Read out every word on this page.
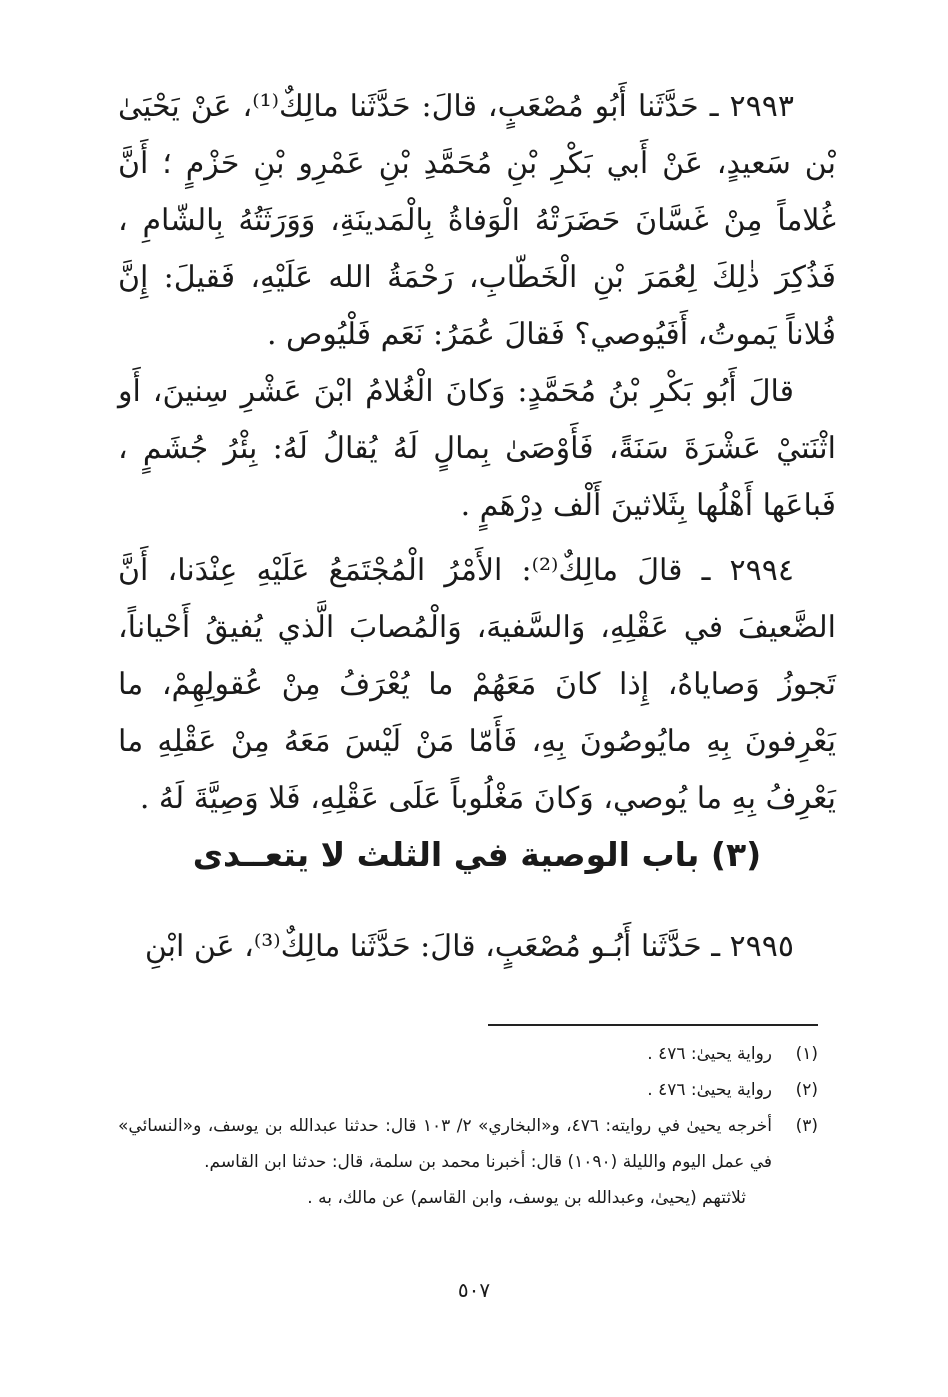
٢٩٩٣ ـ حَدَّثَنا أَبُو مُصْعَبٍ، قالَ: حَدَّثَنا مالِكٌ⁽¹⁾، عَنْ يَحْيَىٰ بْن سَعيدٍ، عَنْ أَبي بَكْرِ بْنِ مُحَمَّدِ بْنِ عَمْرِو بْنِ حَزْمٍ ؛ أَنَّ غُلاماً مِنْ غَسَّانَ حَضَرَتْهُ الْوَفاةُ بِالْمَدينَةِ، وَوَرَثَتُهُ بِالشّامِ ، فَذُكِرَ ذٰلِكَ لِعُمَرَ بْنِ الْخَطّابِ، رَحْمَةُ الله عَلَيْهِ، فَقيلَ: إِنَّ فُلاناً يَموتُ، أَفَيُوصي؟ فَقالَ عُمَرُ: نَعَم فَلْيُوص .

قالَ أَبُو بَكْرِ بْنُ مُحَمَّدٍ: وَكانَ الْغُلامُ ابْنَ عَشْرِ سِنينَ، أَو اثْنَتيْ عَشْرَةَ سَنَةً، فَأَوْصَىٰ بِمالٍ لَهُ يُقالُ لَهُ: بِئْرُ جُشَمٍ ، فَباعَها أَهْلُها بِثَلاثينَ أَلْف دِرْهَمٍ .

٢٩٩٤ ـ قالَ مالِكٌ⁽²⁾: الأَمْرُ الْمُجْتَمَعُ عَلَيْهِ عِنْدَنا، أَنَّ الضَّعيفَ في عَقْلِهِ، وَالسَّفيهَ، وَالْمُصابَ الَّذي يُفيقُ أَحْياناً، تَجوزُ وَصاياهُ، إِذا كانَ مَعَهُمْ ما يُعْرَفُ مِنْ عُقولِهِمْ، ما يَعْرِفونَ بِهِ مايُوصُونَ بِهِ، فَأَمّا مَنْ لَيْسَ مَعَهُ مِنْ عَقْلِهِ ما يَعْرِفُ بِهِ ما يُوصي، وَكانَ مَغْلُوباً عَلَى عَقْلِهِ، فَلا وَصِيَّةَ لَهُ .

(٣) باب الوصية في الثلث لا يتعــدى
٢٩٩٥ ـ حَدَّثَنا أَبُـو مُصْعَبٍ، قالَ: حَدَّثَنا مالِكٌ⁽³⁾، عَن ابْنِ
(١)
رواية يحيىٰ: ٤٧٦ .
(٢)
رواية يحيىٰ: ٤٧٦ .
(٣)
أخرجه يحيىٰ في روايته: ٤٧٦، و«البخاري» ٢/ ١٠٣ قال: حدثنا عبدالله بن يوسف، و«النسائي» في عمل اليوم والليلة (١٠٩٠) قال: أخبرنا محمد بن سلمة، قال: حدثنا ابن القاسم.
ثلاثتهم (يحيىٰ، وعبدالله بن يوسف، وابن القاسم) عن مالك، به .
٥٠٧
